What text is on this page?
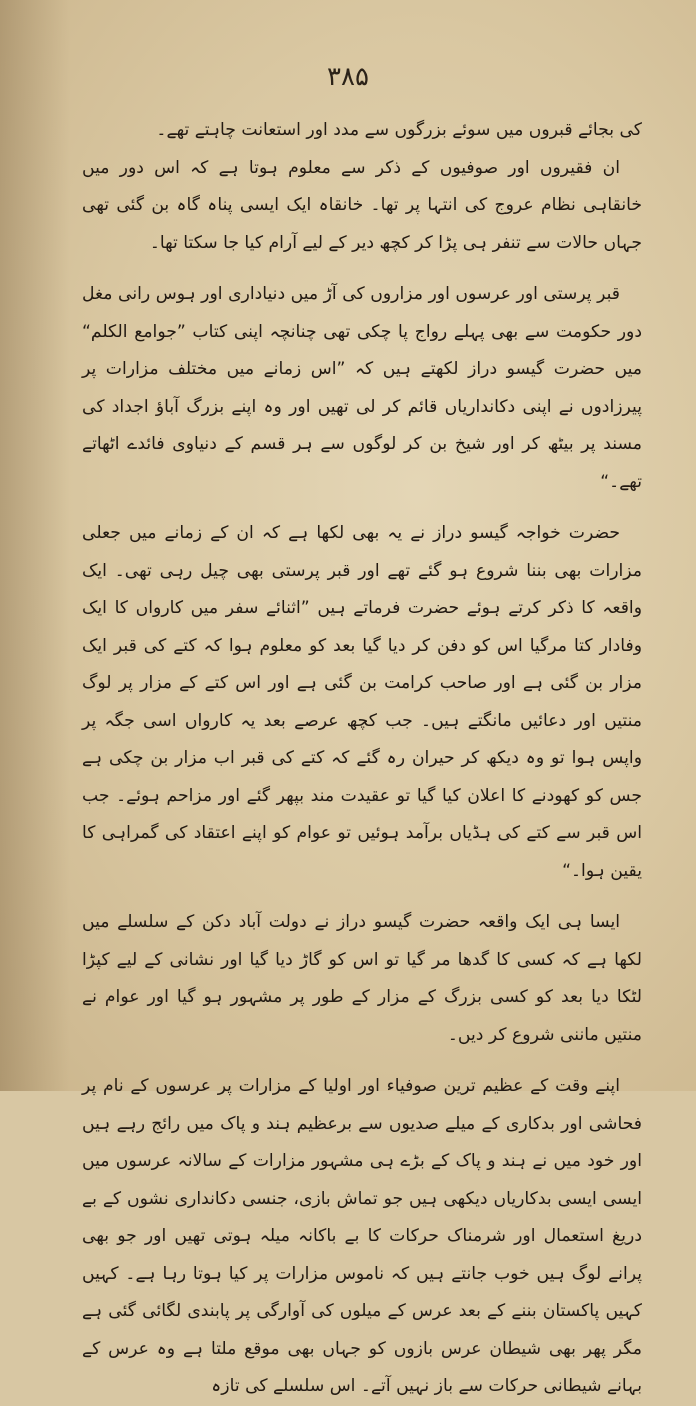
۳۸۵

کی بجائے قبروں میں سوئے بزرگوں سے مدد اور استعانت چاہتے تھے۔

ان فقیروں اور صوفیوں کے ذکر سے معلوم ہوتا ہے کہ اس دور میں خانقاہی نظام عروج کی انتہا پر تھا۔ خانقاہ ایک ایسی پناہ گاہ بن گئی تھی جہاں حالات سے تنفر ہی پڑا کر کچھ دیر کے لیے آرام کیا جا سکتا تھا۔

قبر پرستی اور عرسوں اور مزاروں کی آڑ میں دنیاداری اور ہوس رانی مغل دور حکومت سے بھی پہلے رواج پا چکی تھی چنانچہ اپنی کتاب ”جوامع الکلم“ میں حضرت گیسو دراز لکھتے ہیں کہ ”اس زمانے میں مختلف مزارات پر پیرزادوں نے اپنی دکانداریاں قائم کر لی تھیں اور وہ اپنے بزرگ آباؤ اجداد کی مسند پر بیٹھ کر اور شیخ بن کر لوگوں سے ہر قسم کے دنیاوی فائدے اٹھاتے تھے۔“

حضرت خواجہ گیسو دراز نے یہ بھی لکھا ہے کہ ان کے زمانے میں جعلی مزارات بھی بننا شروع ہو گئے تھے اور قبر پرستی بھی چیل رہی تھی۔ ایک واقعہ کا ذکر کرتے ہوئے حضرت فرماتے ہیں ”اثنائے سفر میں کارواں کا ایک وفادار کتا مرگیا اس کو دفن کر دیا گیا بعد کو معلوم ہوا کہ کتے کی قبر ایک مزار بن گئی ہے اور صاحب کرامت بن گئی ہے اور اس کتے کے مزار پر لوگ منتیں اور دعائیں مانگتے ہیں۔ جب کچھ عرصے بعد یہ کارواں اسی جگہ پر واپس ہوا تو وہ دیکھ کر حیران رہ گئے کہ کتے کی قبر اب مزار بن چکی ہے جس کو کھودنے کا اعلان کیا گیا تو عقیدت مند بپھر گئے اور مزاحم ہوئے۔ جب اس قبر سے کتے کی ہڈیاں برآمد ہوئیں تو عوام کو اپنے اعتقاد کی گمراہی کا یقین ہوا۔“

ایسا ہی ایک واقعہ حضرت گیسو دراز نے دولت آباد دکن کے سلسلے میں لکھا ہے کہ کسی کا گدھا مر گیا تو اس کو گاڑ دیا گیا اور نشانی کے لیے کپڑا لٹکا دیا بعد کو کسی بزرگ کے مزار کے طور پر مشہور ہو گیا اور عوام نے منتیں ماننی شروع کر دیں۔

اپنے وقت کے عظیم ترین صوفیاء اور اولیا کے مزارات پر عرسوں کے نام پر فحاشی اور بدکاری کے میلے صدیوں سے برعظیم ہند و پاک میں رائج رہے ہیں اور خود میں نے ہند و پاک کے بڑے ہی مشہور مزارات کے سالانہ عرسوں میں ایسی ایسی بدکاریاں دیکھی ہیں جو تماش بازی، جنسی دکانداری نشوں کے بے دریغ استعمال اور شرمناک حرکات کا بے باکانہ میلہ ہوتی تھیں اور جو بھی پرانے لوگ ہیں خوب جانتے ہیں کہ ناموس مزارات پر کیا ہوتا رہا ہے۔ کہیں کہیں پاکستان بننے کے بعد عرس کے میلوں کی آوارگی پر پابندی لگائی گئی ہے مگر پھر بھی شیطان عرس بازوں کو جہاں بھی موقع ملتا ہے وہ عرس کے بہانے شیطانی حرکات سے باز نہیں آتے۔ اس سلسلے کی تازہ
